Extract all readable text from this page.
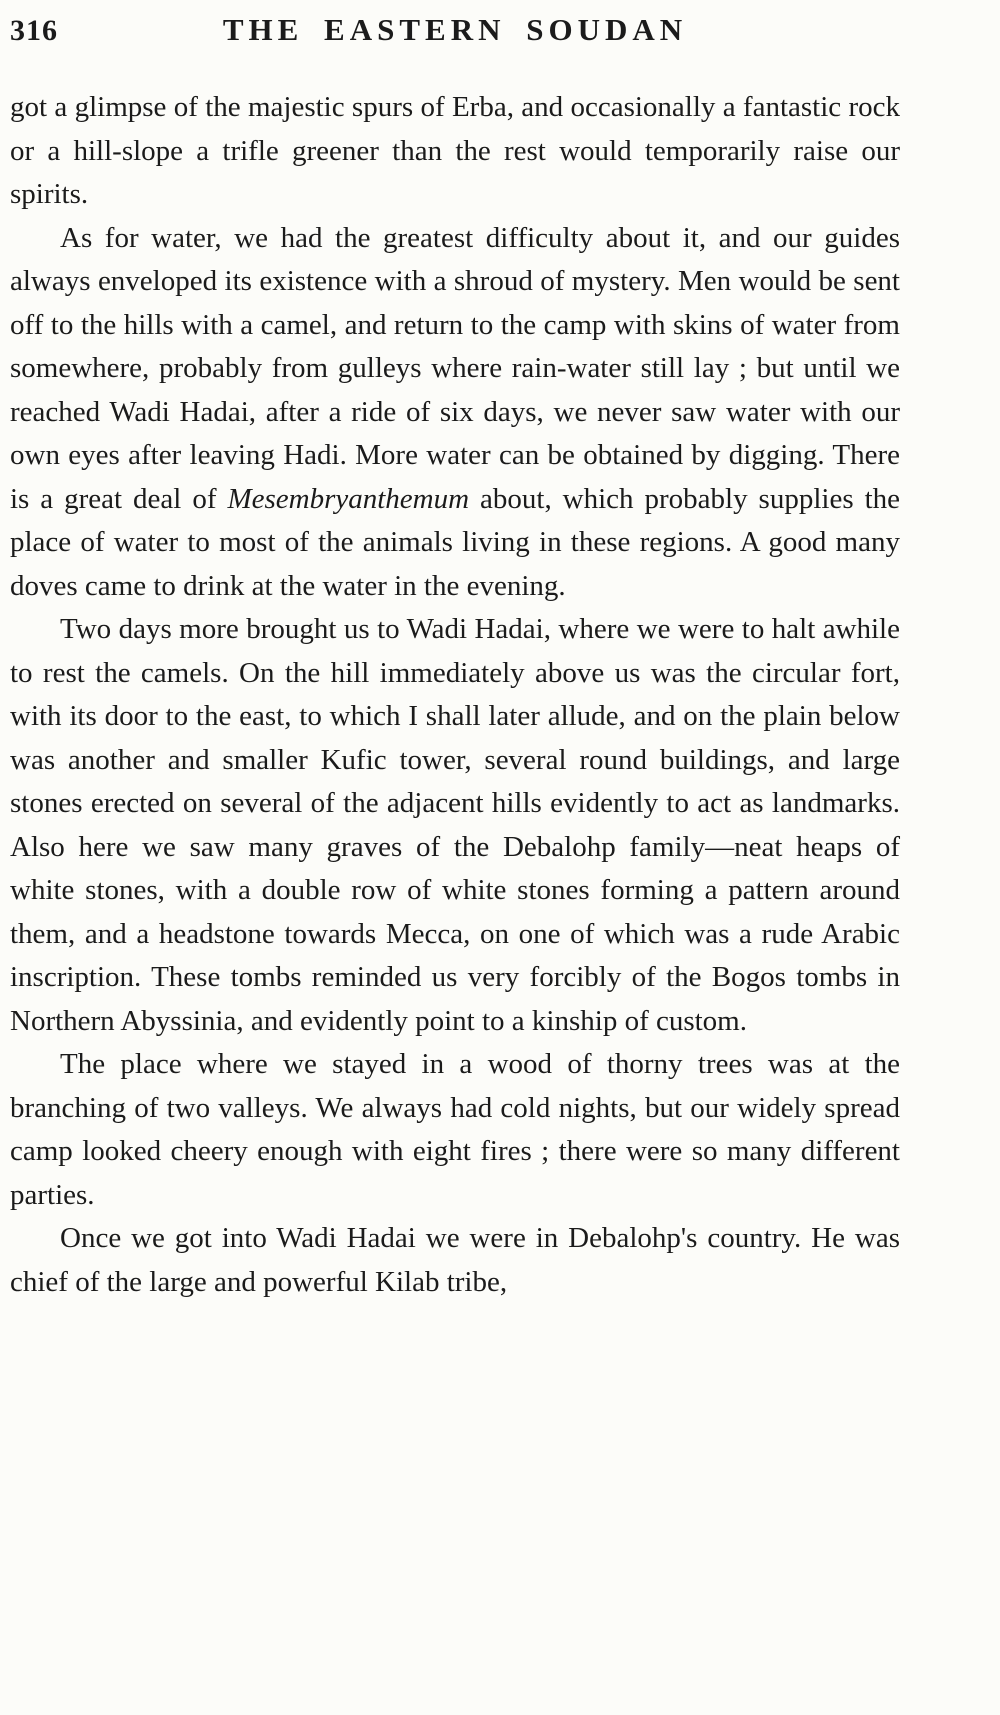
316	THE EASTERN SOUDAN

got a glimpse of the majestic spurs of Erba, and occasionally a fantastic rock or a hill-slope a trifle greener than the rest would temporarily raise our spirits.

As for water, we had the greatest difficulty about it, and our guides always enveloped its existence with a shroud of mystery. Men would be sent off to the hills with a camel, and return to the camp with skins of water from somewhere, probably from gulleys where rain-water still lay ; but until we reached Wadi Hadai, after a ride of six days, we never saw water with our own eyes after leaving Hadi. More water can be obtained by digging. There is a great deal of Mesembryanthemum about, which probably supplies the place of water to most of the animals living in these regions. A good many doves came to drink at the water in the evening.

Two days more brought us to Wadi Hadai, where we were to halt awhile to rest the camels. On the hill immediately above us was the circular fort, with its door to the east, to which I shall later allude, and on the plain below was another and smaller Kufic tower, several round buildings, and large stones erected on several of the adjacent hills evidently to act as landmarks. Also here we saw many graves of the Debalohp family—neat heaps of white stones, with a double row of white stones forming a pattern around them, and a headstone towards Mecca, on one of which was a rude Arabic inscription. These tombs reminded us very forcibly of the Bogos tombs in Northern Abyssinia, and evidently point to a kinship of custom.

The place where we stayed in a wood of thorny trees was at the branching of two valleys. We always had cold nights, but our widely spread camp looked cheery enough with eight fires ; there were so many different parties.

Once we got into Wadi Hadai we were in Debalohp's country. He was chief of the large and powerful Kilab tribe,
